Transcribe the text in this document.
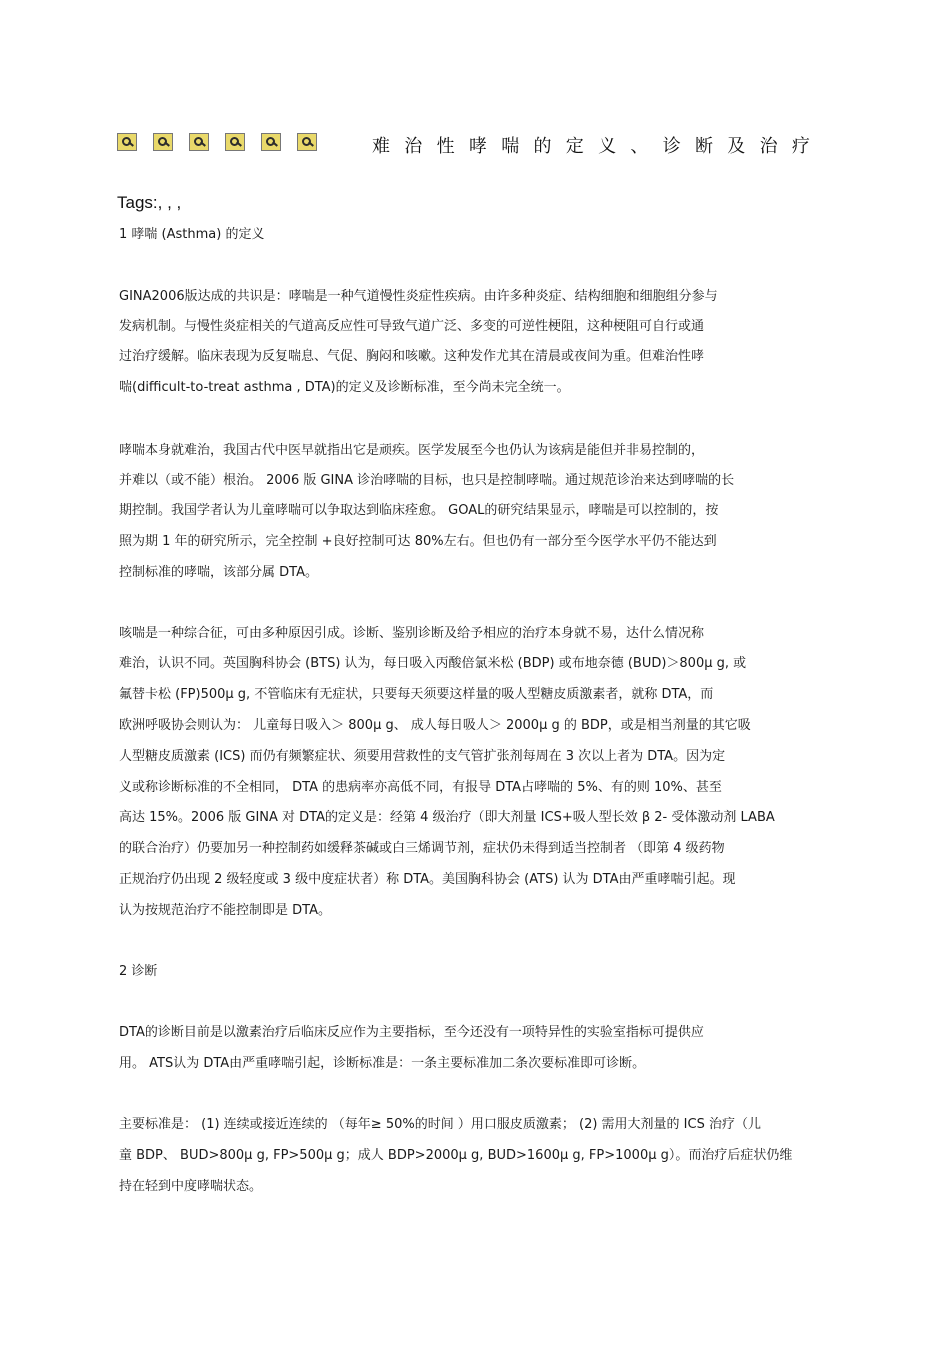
难治性哮喘的定义、诊断及治疗
Tags:, , ,
1 哮喘 (Asthma) 的定义
GINA2006版达成的共识是：哮喘是一种气道慢性炎症性疾病。由许多种炎症、结构细胞和细胞组分参与
发病机制。与慢性炎症相关的气道高反应性可导致气道广泛、多变的可逆性梗阻，这种梗阻可自行或通
过治疗缓解。临床表现为反复喘息、气促、胸闷和咳嗽。这种发作尤其在清晨或夜间为重。但难治性哮
喘(difficult-to-treat asthma , DTA)的定义及诊断标准，至今尚未完全统一。
哮喘本身就难治，我国古代中医早就指出它是顽疾。医学发展至今也仍认为该病是能但并非易控制的，
并难以（或不能）根治。 2006 版 GINA 诊治哮喘的目标，也只是控制哮喘。通过规范诊治来达到哮喘的长
期控制。我国学者认为儿童哮喘可以争取达到临床痊愈。 GOAL的研究结果显示，哮喘是可以控制的，按
照为期 1 年的研究所示，完全控制 +良好控制可达 80%左右。但也仍有一部分至今医学水平仍不能达到
控制标准的哮喘，该部分属 DTA。
咳喘是一种综合征，可由多种原因引成。诊断、鉴别诊断及给予相应的治疗本身就不易，达什么情况称
难治，认识不同。英国胸科协会 (BTS) 认为，每日吸入丙酸倍氯米松 (BDP) 或布地奈德 (BUD)＞800μ g, 或
氟替卡松 (FP)500μ g, 不管临床有无症状，只要每天须要这样量的吸人型糖皮质激素者，就称 DTA，而
欧洲呼吸协会则认为： 儿童每日吸入＞ 800μ g、 成人每日吸人＞ 2000μ g 的 BDP，或是相当剂量的其它吸
人型糖皮质激素 (ICS) 而仍有频繁症状、须要用营救性的支气管扩张剂每周在 3 次以上者为 DTA。因为定
义或称诊断标准的不全相同， DTA 的患病率亦高低不同，有报导 DTA占哮喘的 5%、有的则 10%、甚至
高达 15%。2006 版 GINA 对 DTA的定义是：经第 4 级治疗（即大剂量 ICS+吸人型长效 β 2- 受体激动剂 LABA
的联合治疗）仍要加另一种控制药如缓释茶碱或白三烯调节剂，症状仍未得到适当控制者 （即第 4 级药物
正规治疗仍出现 2 级轻度或 3 级中度症状者）称 DTA。美国胸科协会 (ATS) 认为 DTA由严重哮喘引起。现
认为按规范治疗不能控制即是 DTA。
2 诊断
DTA的诊断目前是以激素治疗后临床反应作为主要指标，至今还没有一项特异性的实验室指标可提供应
用。 ATS认为 DTA由严重哮喘引起，诊断标准是：一条主要标准加二条次要标准即可诊断。
主要标准是： (1) 连续或接近连续的 （每年≥ 50%的时间 ）用口服皮质激素； (2) 需用大剂量的 ICS 治疗（儿
童 BDP、 BUD>800μ g, FP>500μ g；成人 BDP>2000μ g, BUD>1600μ g, FP>1000μ g）。而治疗后症状仍维
持在轻到中度哮喘状态。
